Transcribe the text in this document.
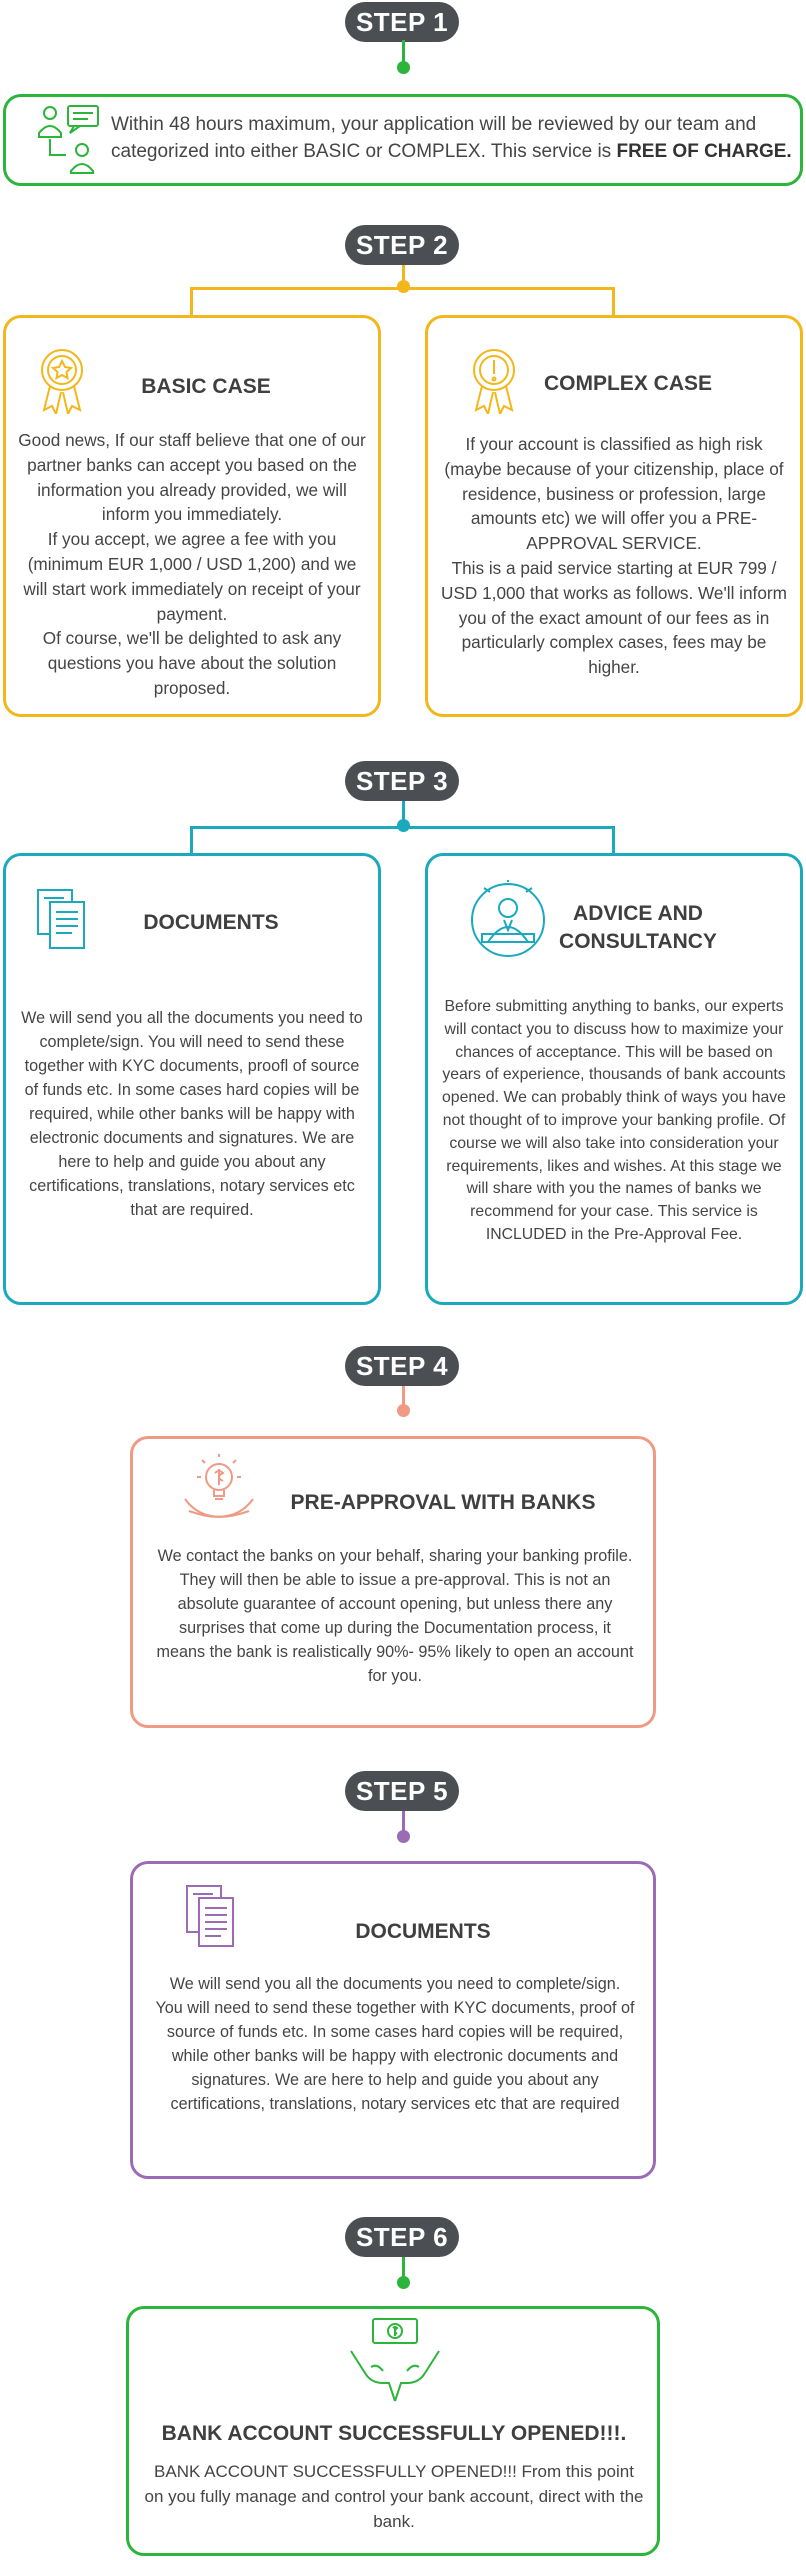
STEP 1
Within 48 hours maximum, your application will be reviewed by our team and categorized into either BASIC or COMPLEX. This service is FREE OF CHARGE.
STEP 2
BASIC CASE
Good news, If our staff believe that one of our partner banks can accept you based on the information you already provided, we will inform you immediately.
If you accept, we agree a fee with you (minimum EUR 1,000 / USD 1,200) and we will start work immediately on receipt of your payment.
Of course, we'll be delighted to ask any questions you have about the solution proposed.
COMPLEX CASE
If your account is classified as high risk (maybe because of your citizenship, place of residence, business or profession, large amounts etc) we will offer you a PRE-APPROVAL SERVICE.
This is a paid service starting at EUR 799 / USD 1,000 that works as follows. We'll inform you of the exact amount of our fees as in particularly complex cases, fees may be higher.
STEP 3
DOCUMENTS
We will send you all the documents you need to complete/sign. You will need to send these together with KYC documents, proofl of source of funds etc. In some cases hard copies will be required, while other banks will be happy with electronic documents and signatures. We are here to help and guide you about any certifications, translations, notary services etc that are required.
ADVICE AND
CONSULTANCY
Before submitting anything to banks, our experts will contact you to discuss how to maximize your chances of acceptance. This will be based on years of experience, thousands of bank accounts opened. We can probably think of ways you have not thought of to improve your banking profile. Of course we will also take into consideration your requirements, likes and wishes. At this stage we will share with you the names of banks we recommend for your case. This service is INCLUDED in the Pre-Approval Fee.
STEP 4
PRE-APPROVAL WITH BANKS
We contact the banks on your behalf, sharing your banking profile. They will then be able to issue a pre-approval. This is not an absolute guarantee of account opening, but unless there any surprises that come up during the Documentation process, it means the bank is realistically 90%- 95% likely to open an account for you.
STEP 5
DOCUMENTS
We will send you all the documents you need to complete/sign. You will need to send these together with KYC documents, proof of source of funds etc. In some cases hard copies will be required, while other banks will be happy with electronic documents and signatures. We are here to help and guide you about any certifications, translations, notary services etc that are required
STEP 6
BANK ACCOUNT SUCCESSFULLY OPENED!!!.
BANK ACCOUNT SUCCESSFULLY OPENED!!! From this point on you fully manage and control your bank account, direct with the bank.
